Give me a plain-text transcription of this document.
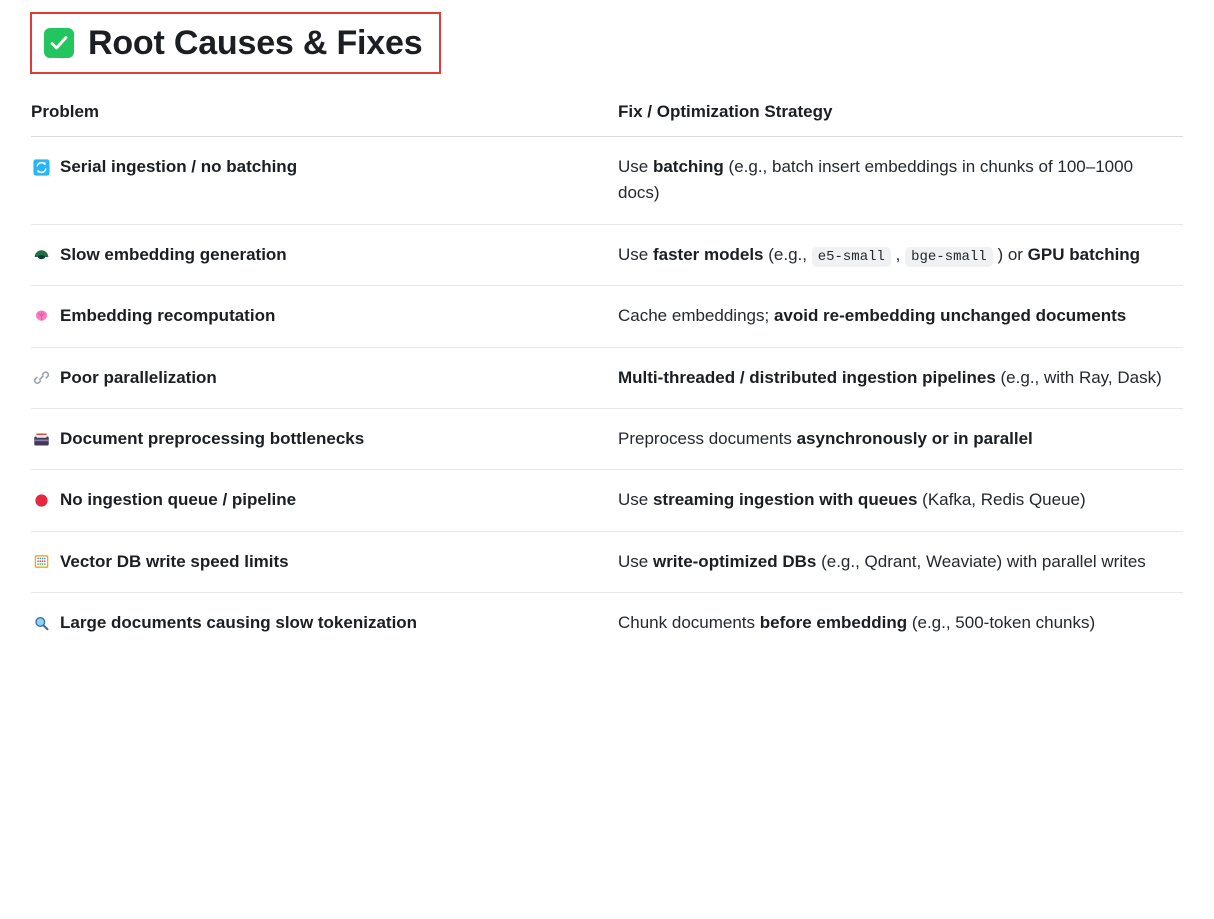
Root Causes & Fixes
Problem	Fix / Optimization Strategy

Serial ingestion / no batching	Use batching (e.g., batch insert embeddings in chunks of 100–1000 docs)

Slow embedding generation	Use faster models (e.g., e5-small , bge-small ) or GPU batching

Embedding recomputation	Cache embeddings; avoid re-embedding unchanged documents

Poor parallelization	Multi-threaded / distributed ingestion pipelines (e.g., with Ray, Dask)

Document preprocessing bottlenecks	Preprocess documents asynchronously or in parallel

No ingestion queue / pipeline	Use streaming ingestion with queues (Kafka, Redis Queue)

Vector DB write speed limits	Use write-optimized DBs (e.g., Qdrant, Weaviate) with parallel writes

Large documents causing slow tokenization	Chunk documents before embedding (e.g., 500-token chunks)
